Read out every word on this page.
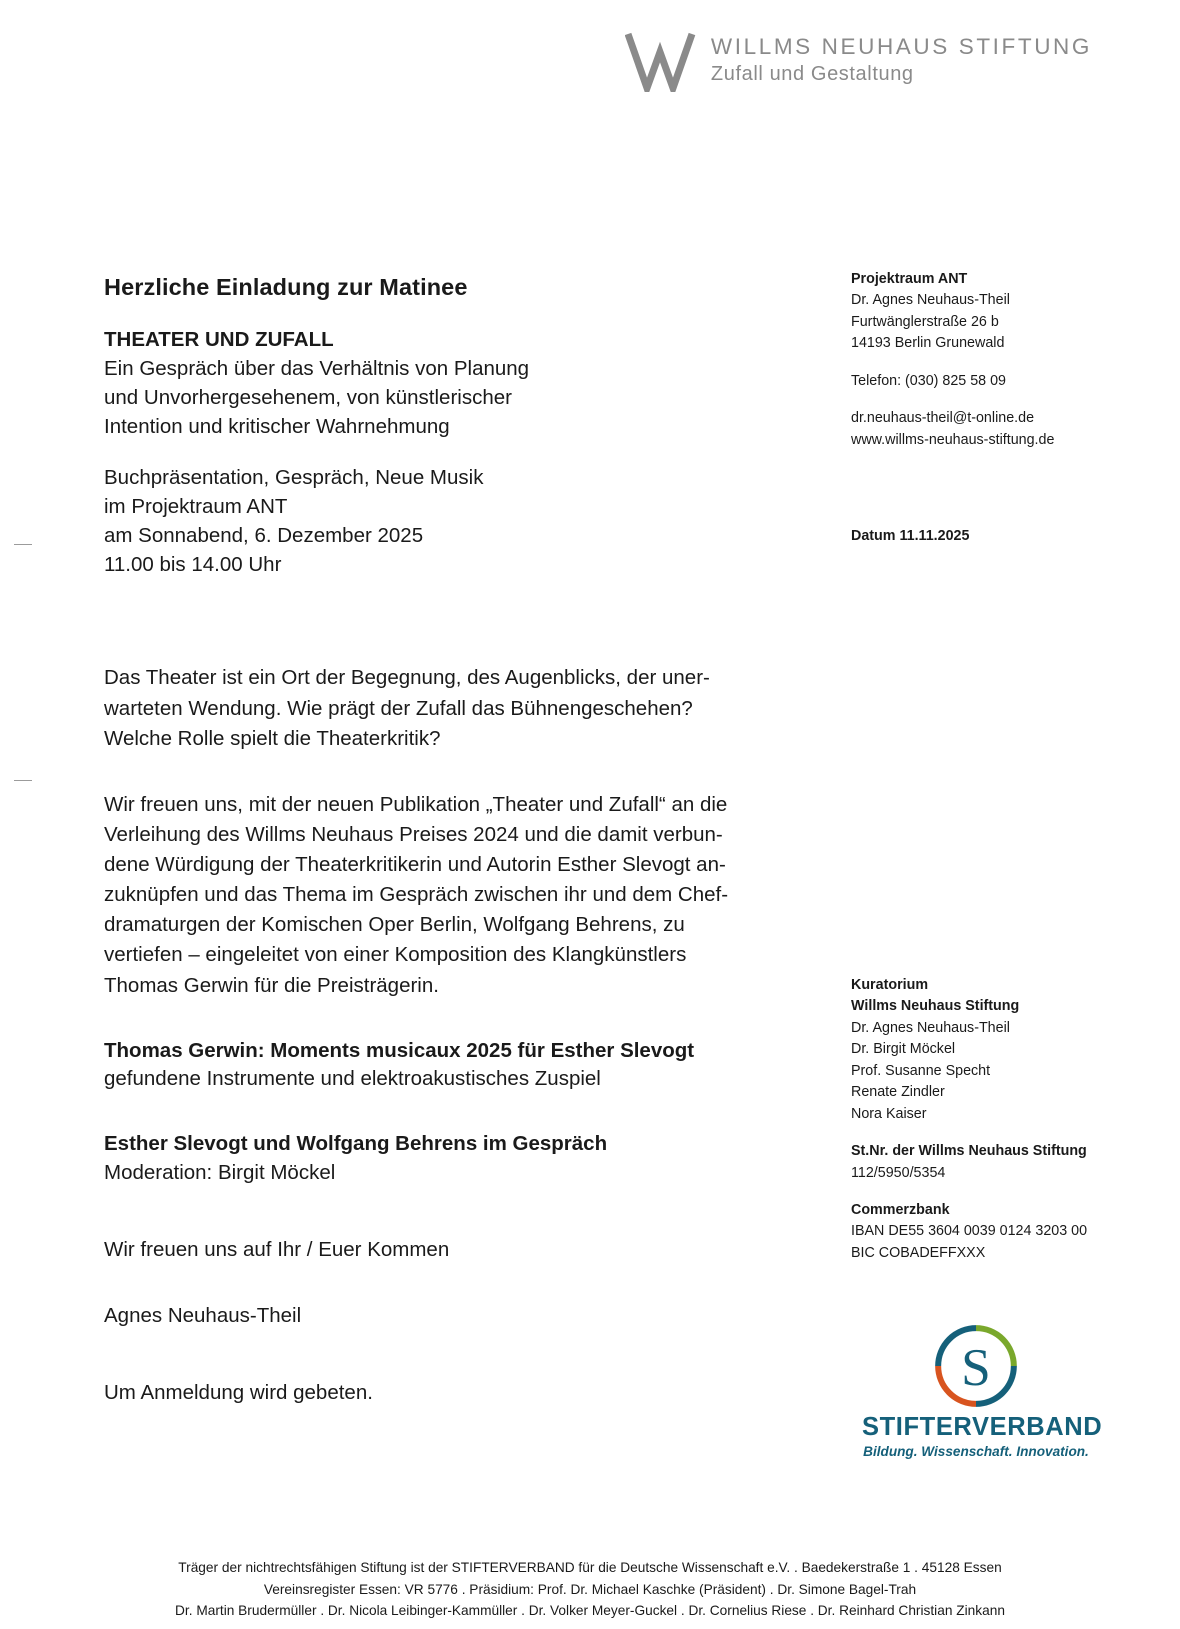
WILLMS NEUHAUS STIFTUNG
Zufall und Gestaltung
Herzliche Einladung zur Matinee
THEATER UND ZUFALL
Ein Gespräch über das Verhältnis von Planung
und Unvorhergesehenem, von künstlerischer
Intention und kritischer Wahrnehmung
Buchpräsentation, Gespräch, Neue Musik
im Projektraum ANT
am Sonnabend, 6. Dezember 2025
11.00 bis 14.00 Uhr
Das Theater ist ein Ort der Begegnung, des Augenblicks, der uner-
warteten Wendung. Wie prägt der Zufall das Bühnengeschehen?
Welche Rolle spielt die Theaterkritik?
Wir freuen uns, mit der neuen Publikation „Theater und Zufall“ an die
Verleihung des Willms Neuhaus Preises 2024 und die damit verbun-
dene Würdigung der Theaterkritikerin und Autorin Esther Slevogt an-
zuknüpfen und das Thema im Gespräch zwischen ihr und dem Chef-
dramaturgen der Komischen Oper Berlin, Wolfgang Behrens, zu
vertiefen – eingeleitet von einer Komposition des Klangkünstlers
Thomas Gerwin für die Preisträgerin.
Thomas Gerwin: Moments musicaux 2025 für Esther Slevogt
gefundene Instrumente und elektroakustisches Zuspiel
Esther Slevogt und Wolfgang Behrens im Gespräch
Moderation: Birgit Möckel
Wir freuen uns auf Ihr / Euer Kommen
Agnes Neuhaus-Theil
Um Anmeldung wird gebeten.
Projektraum ANT
Dr. Agnes Neuhaus-Theil
Furtwänglerstraße 26 b
14193 Berlin Grunewald
Telefon: (030) 825 58 09
dr.neuhaus-theil@t-online.de
www.willms-neuhaus-stiftung.de
Datum 11.11.2025
Kuratorium
Willms Neuhaus Stiftung
Dr. Agnes Neuhaus-Theil
Dr. Birgit Möckel
Prof. Susanne Specht
Renate Zindler
Nora Kaiser
St.Nr. der Willms Neuhaus Stiftung
112/5950/5354
Commerzbank
IBAN DE55 3604 0039 0124 3203 00
BIC COBADEFFXXX
S
STIFTERVERBAND
Bildung. Wissenschaft. Innovation.
Träger der nichtrechtsfähigen Stiftung ist der STIFTERVERBAND für die Deutsche Wissenschaft e.V. . Baedekerstraße 1 . 45128 Essen
Vereinsregister Essen: VR 5776 . Präsidium: Prof. Dr. Michael Kaschke (Präsident) . Dr. Simone Bagel-Trah
Dr. Martin Brudermüller . Dr. Nicola Leibinger-Kammüller . Dr. Volker Meyer-Guckel . Dr. Cornelius Riese . Dr. Reinhard Christian Zinkann
